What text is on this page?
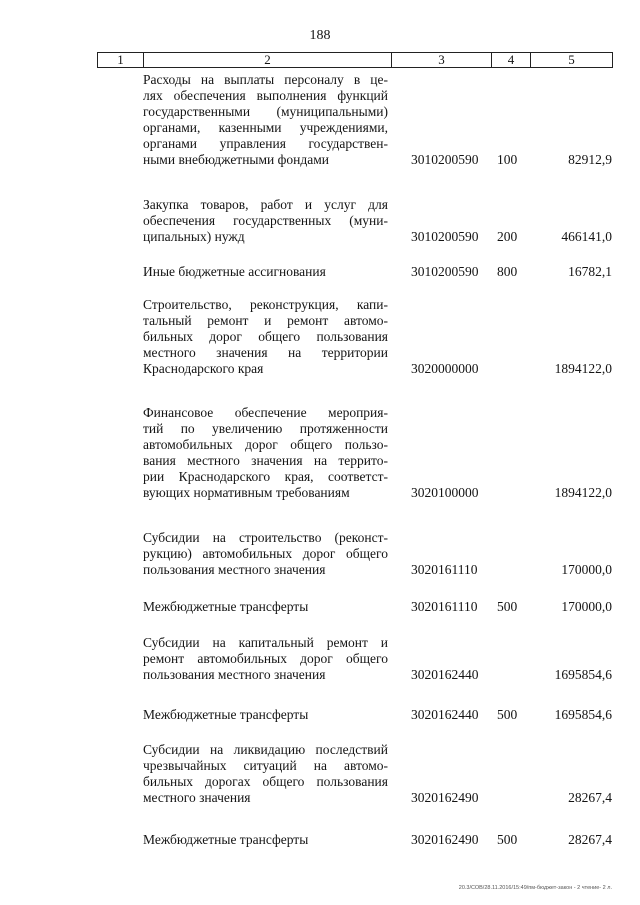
188
1	2	3	4	5
Расходы на выплаты персоналу в це-
лях обеспечения выполнения функций
государственными (муниципальными)
органами, казенными учреждениями,
органами управления государствен-
ными внебюджетными фондами	3010200590 100	82912,9
Закупка товаров, работ и услуг для
обеспечения государственных (муни-
ципальных) нужд	3010200590 200	466141,0
Иные бюджетные ассигнования	3010200590 800	16782,1
Строительство, реконструкция, капи-
тальный ремонт и ремонт автомо-
бильных дорог общего пользования
местного значения на территории
Краснодарского края	3020000000	1894122,0
Финансовое обеспечение мероприя-
тий по увеличению протяженности
автомобильных дорог общего пользо-
вания местного значения на террито-
рии Краснодарского края, соответст-
вующих нормативным требованиям	3020100000	1894122,0
Субсидии на строительство (реконст-
рукцию) автомобильных дорог общего
пользования местного значения	3020161110	170000,0
Межбюджетные трансферты	3020161110 500	170000,0
Субсидии на капитальный ремонт и
ремонт автомобильных дорог общего
пользования местного значения	3020162440	1695854,6
Межбюджетные трансферты	3020162440 500	1695854,6
Субсидии на ликвидацию последствий
чрезвычайных ситуаций на автомо-
бильных дорогах общего пользования
местного значения	3020162490	28267,4
Межбюджетные трансферты	3020162490 500	28267,4
20.3/СОВ/28.11.2016/15:49/пм-бюджет-закон - 2 чтение- 2 л.
